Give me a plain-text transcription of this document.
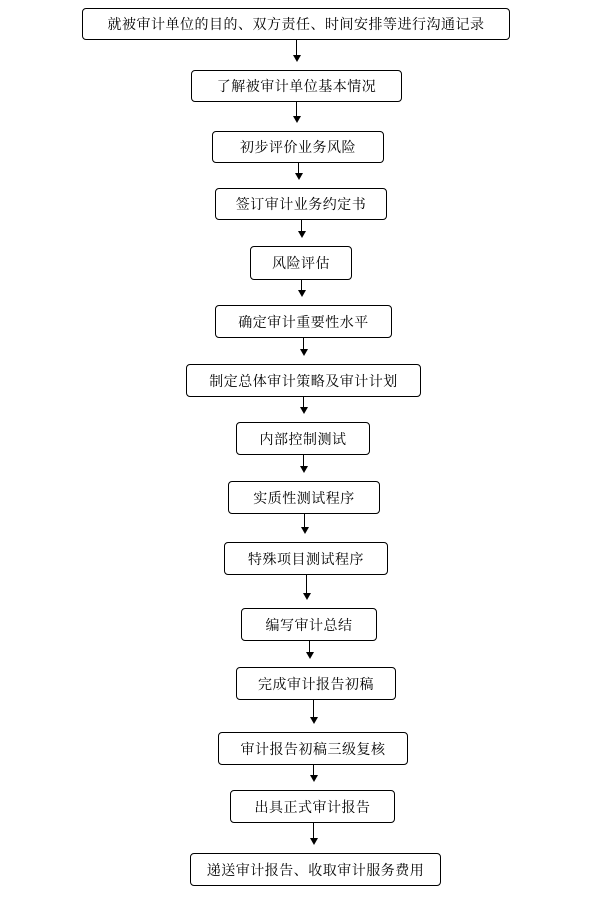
就被审计单位的目的、双方责任、时间安排等进行沟通记录
了解被审计单位基本情况
初步评价业务风险
签订审计业务约定书
风险评估
确定审计重要性水平
制定总体审计策略及审计计划
内部控制测试
实质性测试程序
特殊项目测试程序
编写审计总结
完成审计报告初稿
审计报告初稿三级复核
出具正式审计报告
递送审计报告、收取审计服务费用
